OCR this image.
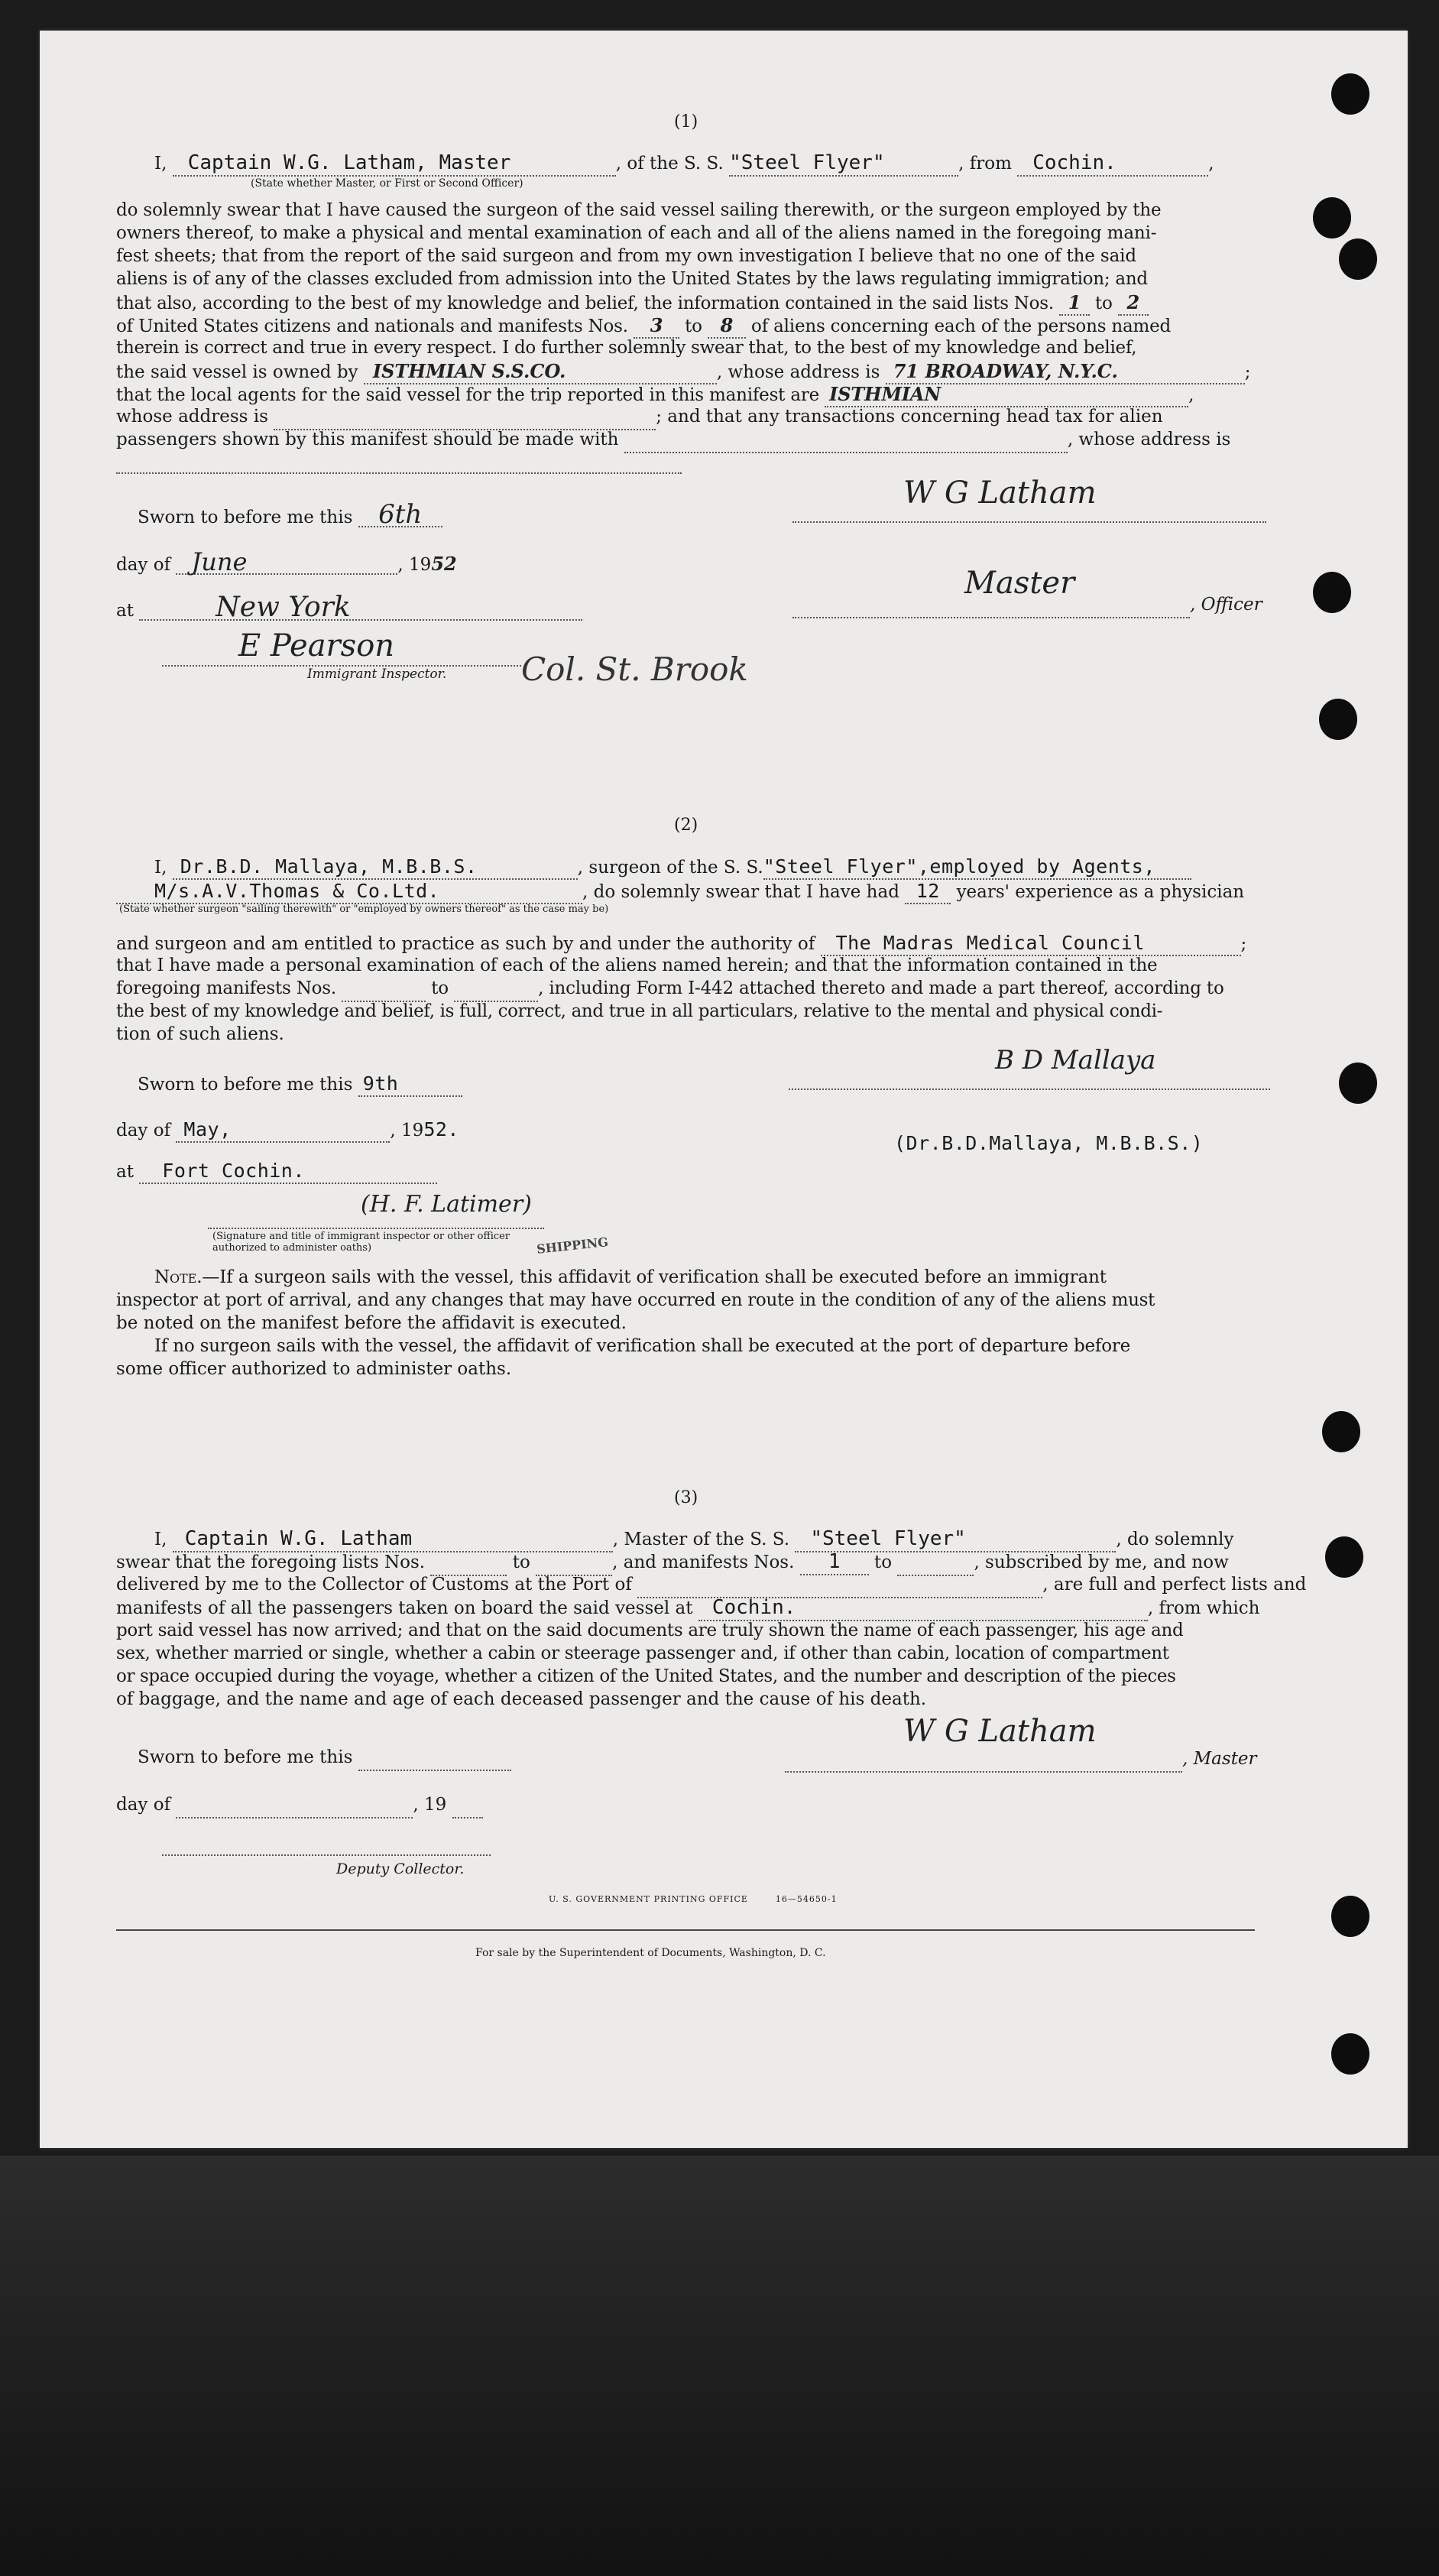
(1)
I, Captain W.G. Latham, Master	, of the S. S. "Steel Flyer"	, from Cochin.	,
(State whether Master, or First or Second Officer)
do solemnly swear that I have caused the surgeon of the said vessel sailing therewith, or the surgeon employed by the
owners thereof, to make a physical and mental examination of each and all of the aliens named in the foregoing mani-
fest sheets; that from the report of the said surgeon and from my own investigation I believe that no one of the said
aliens is of any of the classes excluded from admission into the United States by the laws regulating immigration; and
that also, according to the best of my knowledge and belief, the information contained in the said lists Nos. 1 to 2
of United States citizens and nationals and manifests Nos. 3 to 8 of aliens concerning each of the persons named
therein is correct and true in every respect. I do further solemnly swear that, to the best of my knowledge and belief,
the said vessel is owned by ISTHMIAN S.S.CO.	, whose address is 71 BROADWAY, N.Y.C.	;
that the local agents for the said vessel for the trip reported in this manifest are ISTHMIAN	,
whose address is	; and that any transactions concerning head tax for alien
passengers shown by this manifest should be made with	, whose address is
Sworn to before me this 6th
day of June	, 1952
at	New York
E Pearson
Immigrant Inspector. Col. St. Brook
W G Latham
Master
, Officer
(2)
I, Dr.B.D. Mallaya, M.B.B.S.	, surgeon of the S. S."Steel Flyer",employed by Agents,
M/s.A.V.Thomas & Co.Ltd.	, do solemnly swear that I have had 12 years' experience as a physician
(State whether surgeon "sailing therewith" or "employed by owners thereof" as the case may be)
and surgeon and am entitled to practice as such by and under the authority of The Madras Medical Council	;
that I have made a personal examination of each of the aliens named herein; and that the information contained in the
foregoing manifests Nos.	to	, including Form I-442 attached thereto and made a part thereof, according to
the best of my knowledge and belief, is full, correct, and true in all particulars, relative to the mental and physical condi-
tion of such aliens.
Sworn to before me this 9th
day of May,	, 1952.
at Fort Cochin.
(H. F. Latimer)
SHIPPING
(Signature and title of immigrant inspector or other officer authorized to administer oaths)
B D Mallaya
(Dr.B.D.Mallaya, M.B.B.S.)
Note.—If a surgeon sails with the vessel, this affidavit of verification shall be executed before an immigrant
inspector at port of arrival, and any changes that may have occurred en route in the condition of any of the aliens must
be noted on the manifest before the affidavit is executed.
If no surgeon sails with the vessel, the affidavit of verification shall be executed at the port of departure before
some officer authorized to administer oaths.
(3)
I, Captain W.G. Latham	, Master of the S. S. "Steel Flyer"	, do solemnly
swear that the foregoing lists Nos.	to	, and manifests Nos. 1 to	, subscribed by me, and now
delivered by me to the Collector of Customs at the Port of	, are full and perfect lists and
manifests of all the passengers taken on board the said vessel at Cochin.	, from which
port said vessel has now arrived; and that on the said documents are truly shown the name of each passenger, his age and
sex, whether married or single, whether a cabin or steerage passenger and, if other than cabin, location of compartment
or space occupied during the voyage, whether a citizen of the United States, and the number and description of the pieces
of baggage, and the name and age of each deceased passenger and the cause of his death.
Sworn to before me this
W G Latham
, Master
day of	, 19
Deputy Collector.
U. S. GOVERNMENT PRINTING OFFICE        16—54650-1
For sale by the Superintendent of Documents, Washington, D. C.
